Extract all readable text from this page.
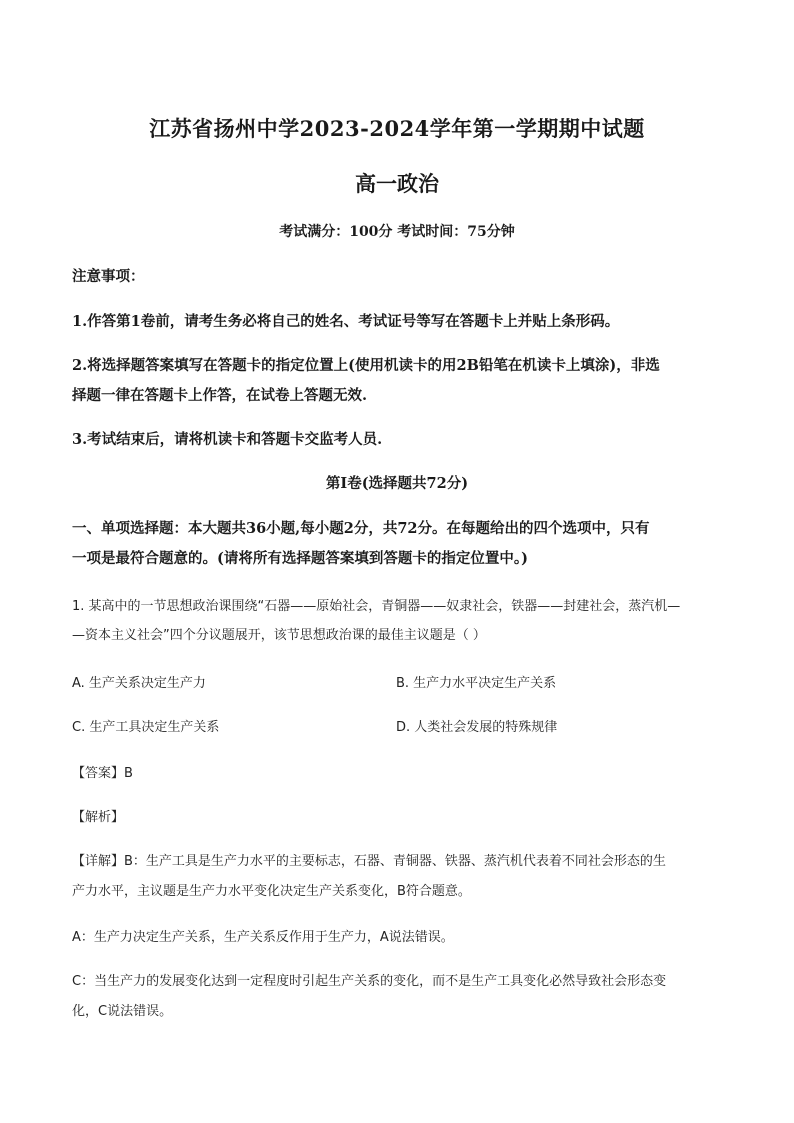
江苏省扬州中学2023-2024学年第一学期期中试题
高一政治
考试满分：100分 考试时间：75分钟
注意事项：
1.作答第1卷前，请考生务必将自己的姓名、考试证号等写在答题卡上并贴上条形码。
2.将选择题答案填写在答题卡的指定位置上(使用机读卡的用2B铅笔在机读卡上填涂)，非选
择题一律在答题卡上作答，在试卷上答题无效.
3.考试结束后，请将机读卡和答题卡交监考人员.
第Ⅰ卷(选择题共72分)
一、单项选择题：本大题共36小题,每小题2分，共72分。在每题给出的四个选项中，只有
一项是最符合题意的。(请将所有选择题答案填到答题卡的指定位置中。)
1. 某高中的一节思想政治课围绕“石器——原始社会，青铜器——奴隶社会，铁器——封建社会，蒸汽机—
—资本主义社会”四个分议题展开，该节思想政治课的最佳主议题是（ ）
A. 生产关系决定生产力	B. 生产力水平决定生产关系
C. 生产工具决定生产关系	D. 人类社会发展的特殊规律
【答案】B
【解析】
【详解】B：生产工具是生产力水平的主要标志，石器、青铜器、铁器、蒸汽机代表着不同社会形态的生
产力水平，主议题是生产力水平变化决定生产关系变化，B符合题意。
A：生产力决定生产关系，生产关系反作用于生产力，A说法错误。
C：当生产力的发展变化达到一定程度时引起生产关系的变化，而不是生产工具变化必然导致社会形态变
化，C说法错误。
